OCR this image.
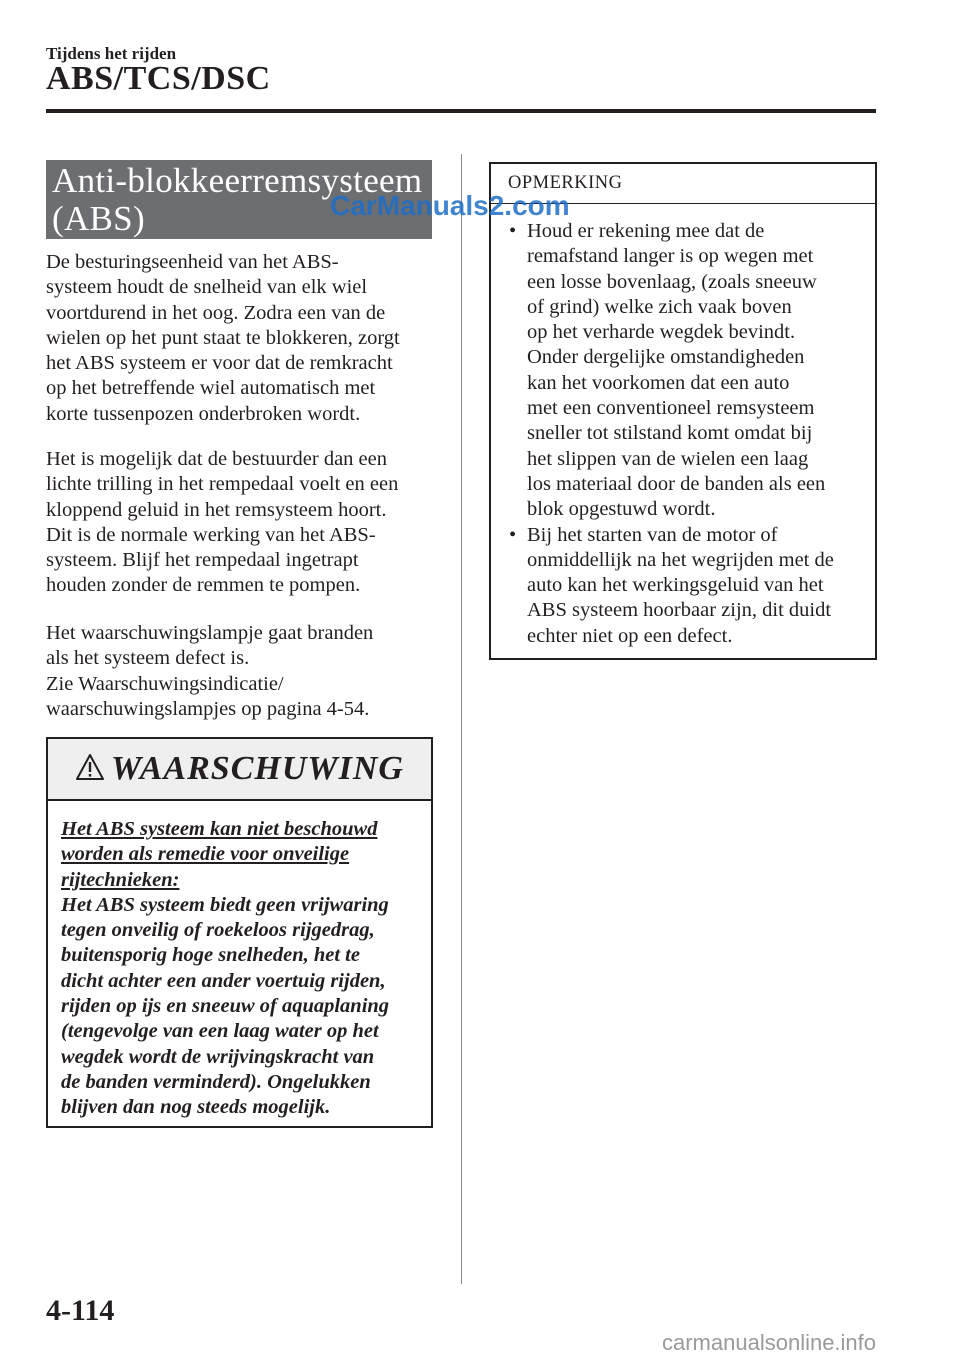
Tijdens het rijden
ABS/TCS/DSC
Anti-blokkeerremsysteem
(ABS)
De besturingseenheid van het ABS-
systeem houdt de snelheid van elk wiel
voortdurend in het oog. Zodra een van de
wielen op het punt staat te blokkeren, zorgt
het ABS systeem er voor dat de remkracht
op het betreffende wiel automatisch met
korte tussenpozen onderbroken wordt.
Het is mogelijk dat de bestuurder dan een
lichte trilling in het rempedaal voelt en een
kloppend geluid in het remsysteem hoort.
Dit is de normale werking van het ABS-
systeem. Blijf het rempedaal ingetrapt
houden zonder de remmen te pompen.
Het waarschuwingslampje gaat branden
als het systeem defect is.
Zie Waarschuwingsindicatie/
waarschuwingslampjes op pagina 4-54.
WAARSCHUWING
Het ABS systeem kan niet beschouwd
worden als remedie voor onveilige
rijtechnieken:
Het ABS systeem biedt geen vrijwaring
tegen onveilig of roekeloos rijgedrag,
buitensporig hoge snelheden, het te
dicht achter een ander voertuig rijden,
rijden op ijs en sneeuw of aquaplaning
(tengevolge van een laag water op het
wegdek wordt de wrijvingskracht van
de banden verminderd). Ongelukken
blijven dan nog steeds mogelijk.
OPMERKING
• Houd er rekening mee dat de
remafstand langer is op wegen met
een losse bovenlaag, (zoals sneeuw
of grind) welke zich vaak boven
op het verharde wegdek bevindt.
Onder dergelijke omstandigheden
kan het voorkomen dat een auto
met een conventioneel remsysteem
sneller tot stilstand komt omdat bij
het slippen van de wielen een laag
los materiaal door de banden als een
blok opgestuwd wordt.
• Bij het starten van de motor of
onmiddellijk na het wegrijden met de
auto kan het werkingsgeluid van het
ABS systeem hoorbaar zijn, dit duidt
echter niet op een defect.
4-114
CarManuals2.com
carmanualsonline.info
